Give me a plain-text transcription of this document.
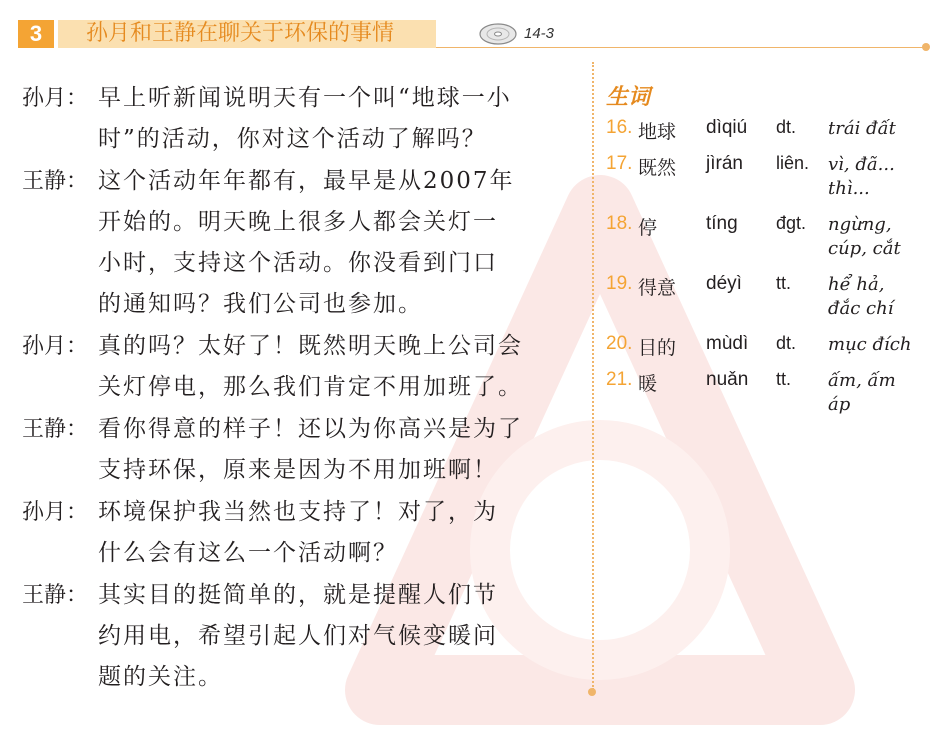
3	孙月和王静在聊关于环保的事情	14-3
孙月： 早上听新闻说明天有一个叫“地球一小
时”的活动，你对这个活动了解吗？
王静： 这个活动年年都有，最早是从2007年
开始的。明天晚上很多人都会关灯一
小时，支持这个活动。你没看到门口
的通知吗？我们公司也参加。
孙月： 真的吗？太好了！既然明天晚上公司会
关灯停电，那么我们肯定不用加班了。
王静： 看你得意的样子！还以为你高兴是为了
支持环保，原来是因为不用加班啊！
孙月： 环境保护我当然也支持了！对了，为
什么会有这么一个活动啊？
王静： 其实目的挺简单的，就是提醒人们节
约用电，希望引起人们对气候变暖问
题的关注。
生词
16. 地球 dìqiú dt. trái đất
17. 既然 jìrán liên. vì, đã... thì...
18. 停	tíng đgt. ngừng, cúp, cắt
19. 得意 déyì tt. hể hả, đắc chí
20. 目的 mùdì dt. mục đích
21. 暖	nuǎn tt. ấm, ấm áp
